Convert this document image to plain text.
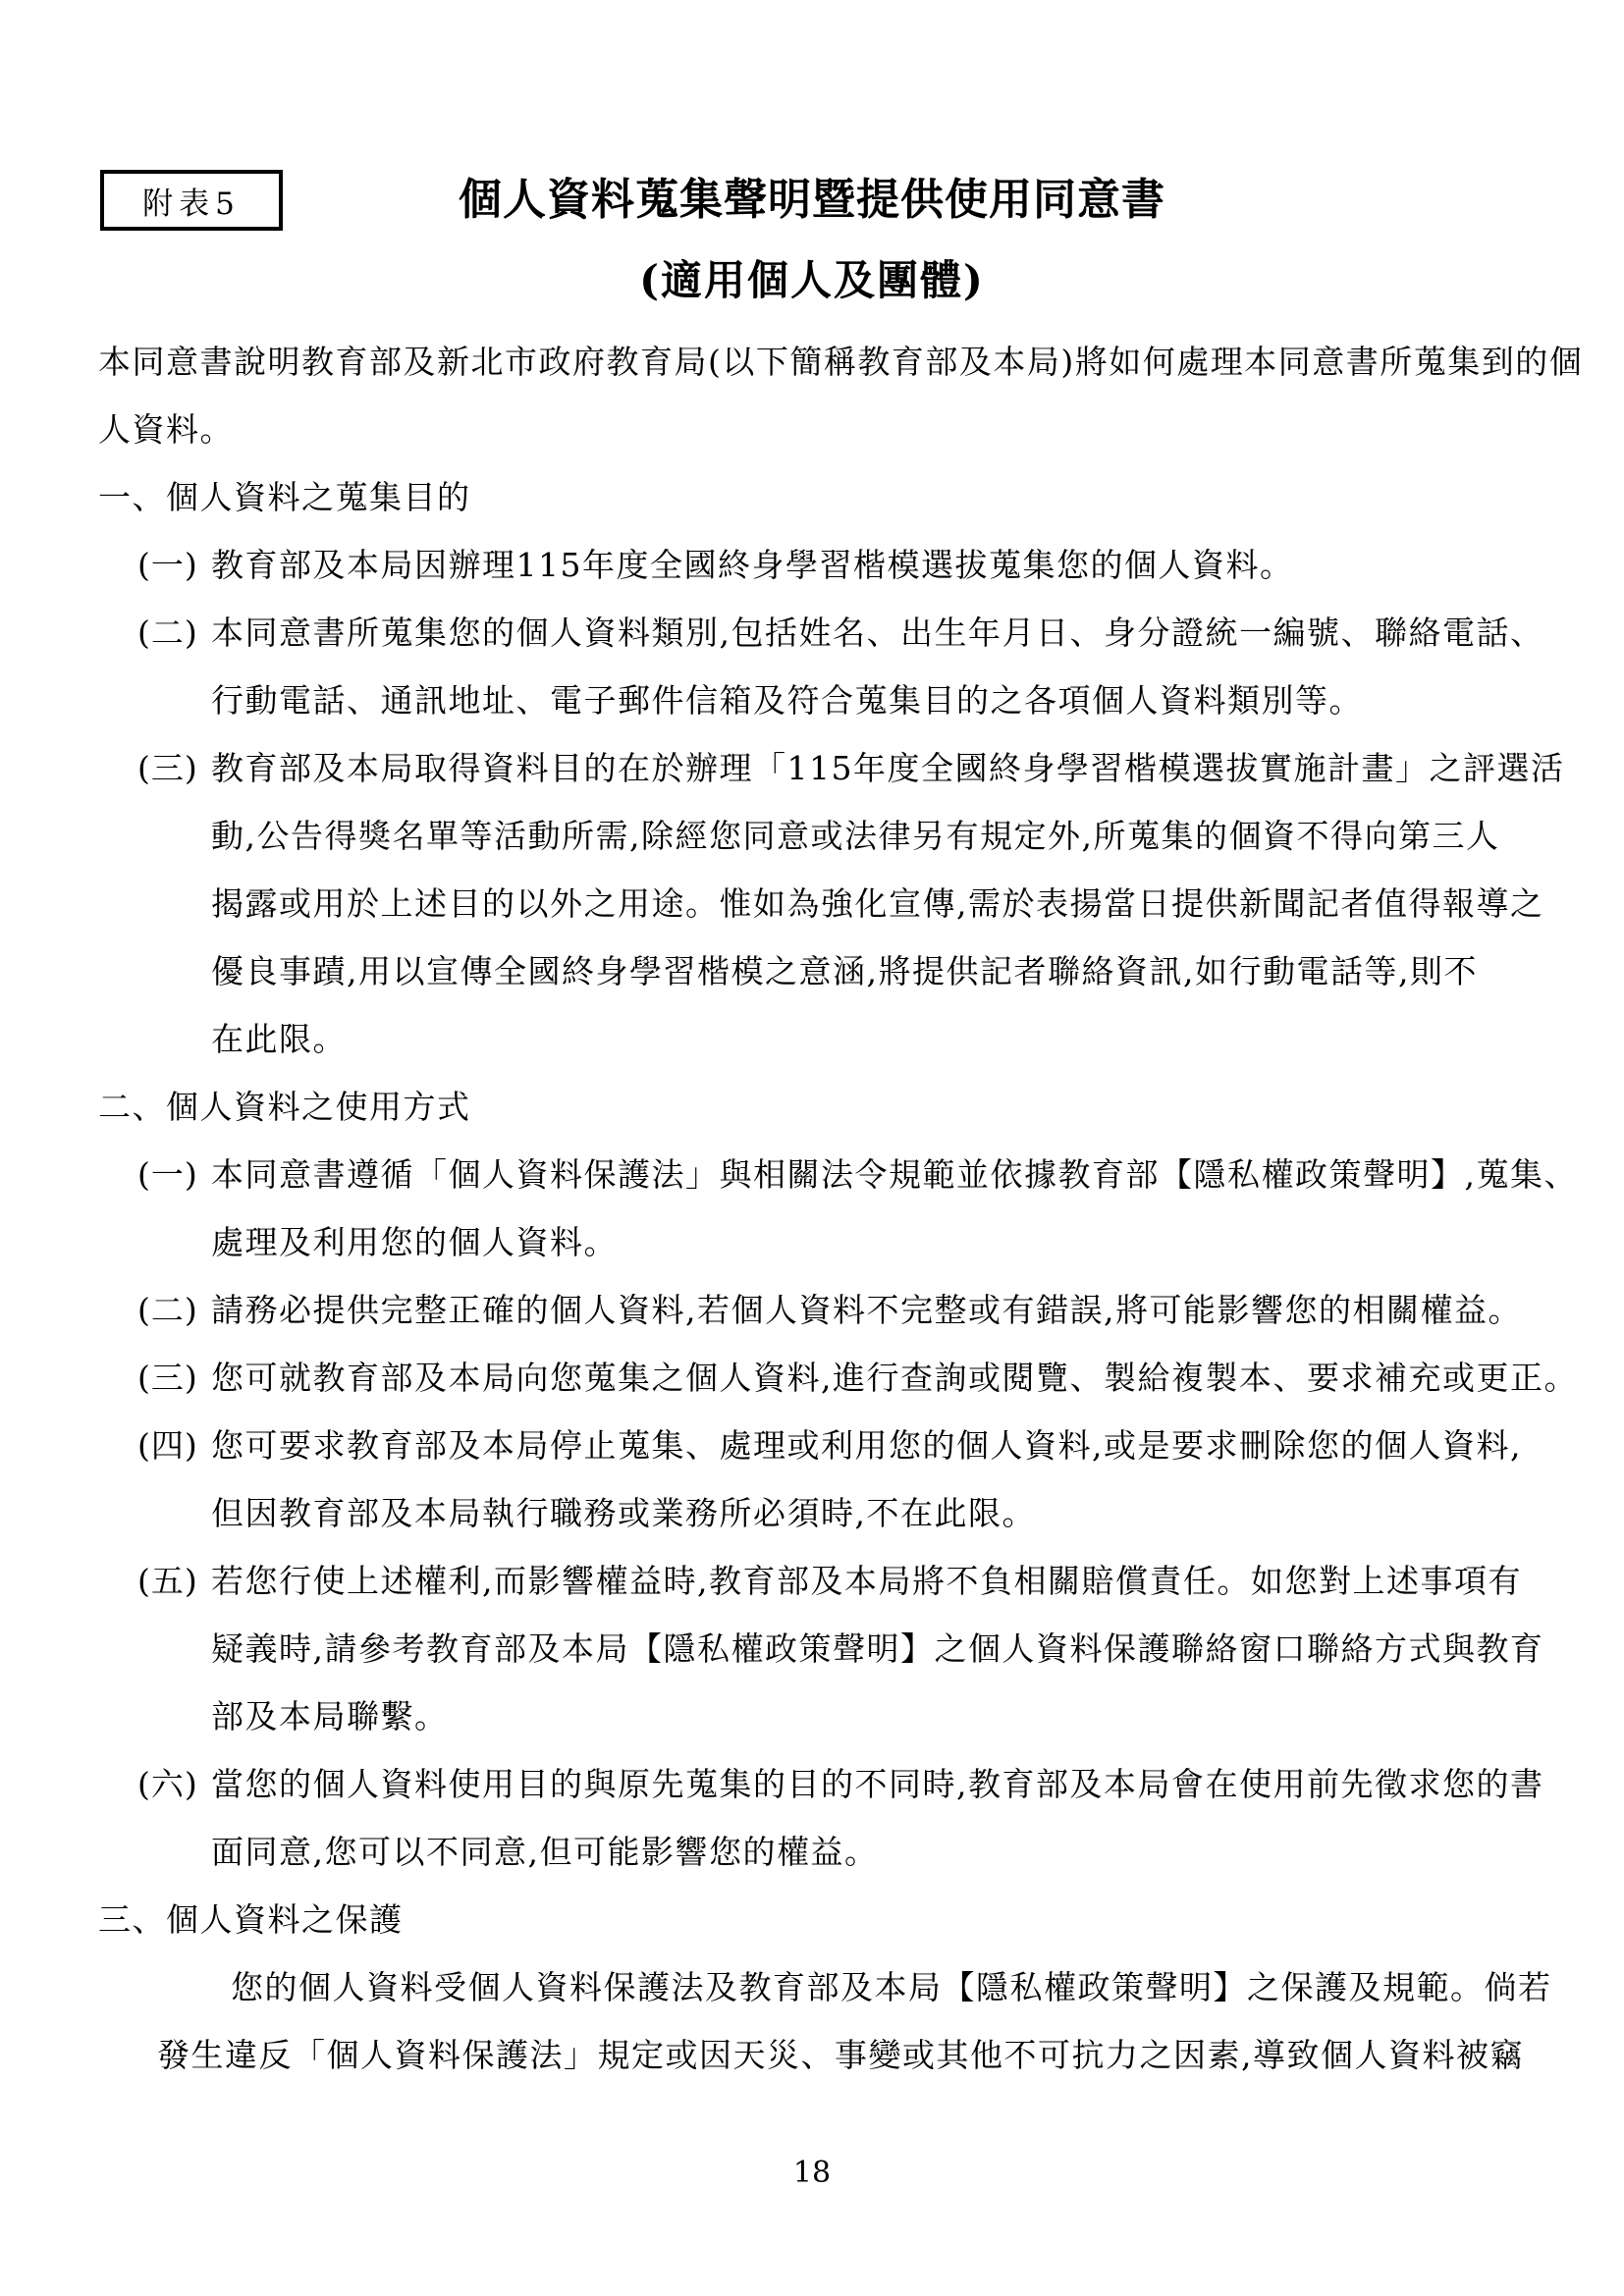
附表5	個人資料蒐集聲明暨提供使用同意書
(適用個人及團體)
本同意書說明教育部及新北市政府教育局(以下簡稱教育部及本局)將如何處理本同意書所蒐集到的個
人資料。
一、個人資料之蒐集目的
(一) 教育部及本局因辦理115年度全國終身學習楷模選拔蒐集您的個人資料。
(二) 本同意書所蒐集您的個人資料類別,包括姓名、出生年月日、身分證統一編號、聯絡電話、
行動電話、通訊地址、電子郵件信箱及符合蒐集目的之各項個人資料類別等。
(三) 教育部及本局取得資料目的在於辦理「115年度全國終身學習楷模選拔實施計畫」之評選活
動,公告得獎名單等活動所需,除經您同意或法律另有規定外,所蒐集的個資不得向第三人
揭露或用於上述目的以外之用途。惟如為強化宣傳,需於表揚當日提供新聞記者值得報導之
優良事蹟,用以宣傳全國終身學習楷模之意涵,將提供記者聯絡資訊,如行動電話等,則不
在此限。
二、個人資料之使用方式
(一) 本同意書遵循「個人資料保護法」與相關法令規範並依據教育部【隱私權政策聲明】,蒐集、
處理及利用您的個人資料。
(二) 請務必提供完整正確的個人資料,若個人資料不完整或有錯誤,將可能影響您的相關權益。
(三) 您可就教育部及本局向您蒐集之個人資料,進行查詢或閱覽、製給複製本、要求補充或更正。
(四) 您可要求教育部及本局停止蒐集、處理或利用您的個人資料,或是要求刪除您的個人資料,
但因教育部及本局執行職務或業務所必須時,不在此限。
(五) 若您行使上述權利,而影響權益時,教育部及本局將不負相關賠償責任。如您對上述事項有
疑義時,請參考教育部及本局【隱私權政策聲明】之個人資料保護聯絡窗口聯絡方式與教育
部及本局聯繫。
(六) 當您的個人資料使用目的與原先蒐集的目的不同時,教育部及本局會在使用前先徵求您的書
面同意,您可以不同意,但可能影響您的權益。
三、個人資料之保護
您的個人資料受個人資料保護法及教育部及本局【隱私權政策聲明】之保護及規範。倘若
發生違反「個人資料保護法」規定或因天災、事變或其他不可抗力之因素,導致個人資料被竊
18
